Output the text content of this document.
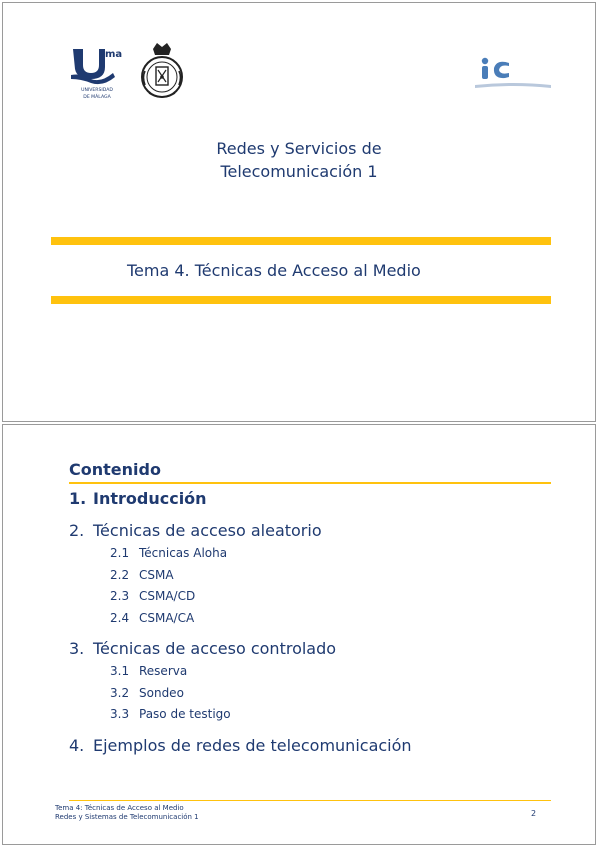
ma
UNIVERSIDAD
DE MÁLAGA
Redes y Servicios de
Telecomunicación 1
Tema 4. Técnicas de Acceso al Medio
Contenido
1. Introducción
2. Técnicas de acceso aleatorio
2.1 Técnicas Aloha
2.2 CSMA
2.3 CSMA/CD
2.4 CSMA/CA
3. Técnicas de acceso controlado
3.1 Reserva
3.2 Sondeo
3.3 Paso de testigo
4. Ejemplos de redes de telecomunicación
Tema 4: Técnicas de Acceso al Medio
Redes y Sistemas de Telecomunicación 1	2
